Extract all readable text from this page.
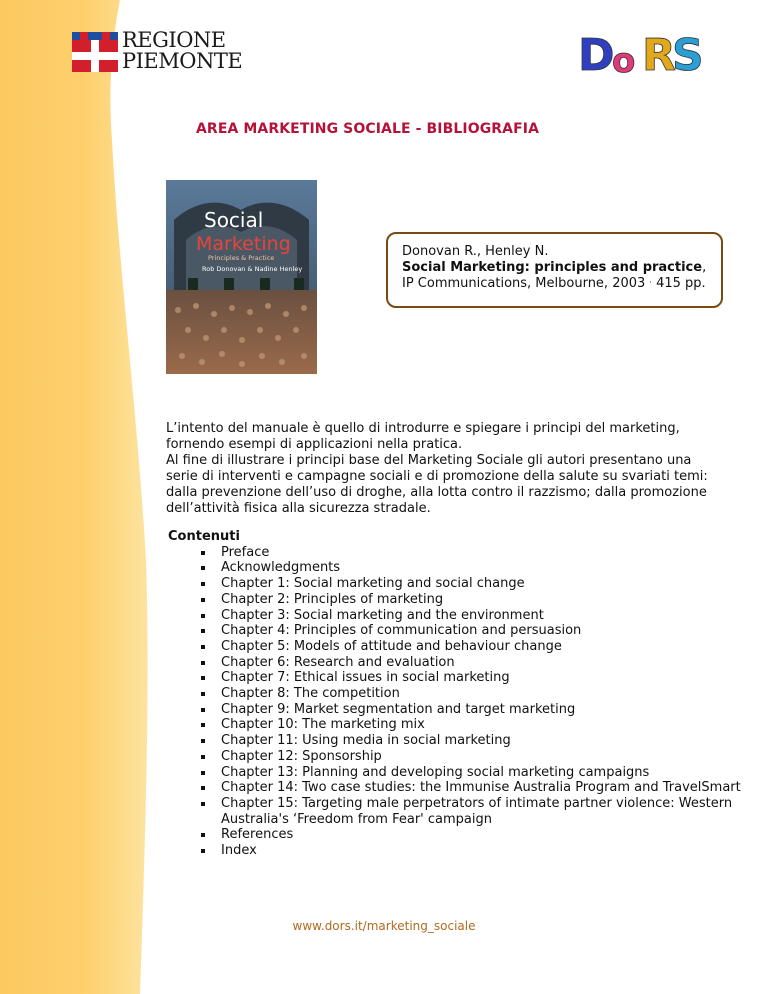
REGIONE
PIEMONTE	D
o R
S
AREA MARKETING SOCIALE - BIBLIOGRAFIA
Social
Marketing
Principles & Practice
Rob Donovan & Nadine Henley
Donovan R., Henley N.
Social Marketing: principles and practice,
IP Communications, Melbourne, 2003 · 415 pp.

L’intento del manuale è quello di introdurre e spiegare i principi del marketing, fornendo esempi di applicazioni nella pratica.

Al fine di illustrare i principi base del Marketing Sociale gli autori presentano una serie di interventi e campagne sociali e di promozione della salute su svariati temi: dalla prevenzione dell’uso di droghe, alla lotta contro il razzismo; dalla promozione dell’attività fisica alla sicurezza stradale.

Contenuti
Preface
Acknowledgments
Chapter 1: Social marketing and social change
Chapter 2: Principles of marketing
Chapter 3: Social marketing and the environment
Chapter 4: Principles of communication and persuasion
Chapter 5: Models of attitude and behaviour change
Chapter 6: Research and evaluation
Chapter 7: Ethical issues in social marketing
Chapter 8: The competition
Chapter 9: Market segmentation and target marketing
Chapter 10: The marketing mix
Chapter 11: Using media in social marketing
Chapter 12: Sponsorship
Chapter 13: Planning and developing social marketing campaigns
Chapter 14: Two case studies: the Immunise Australia Program and TravelSmart
Chapter 15: Targeting male perpetrators of intimate partner violence: Western Australia's ‘Freedom from Fear' campaign
References
Index
www.dors.it/marketing_sociale
